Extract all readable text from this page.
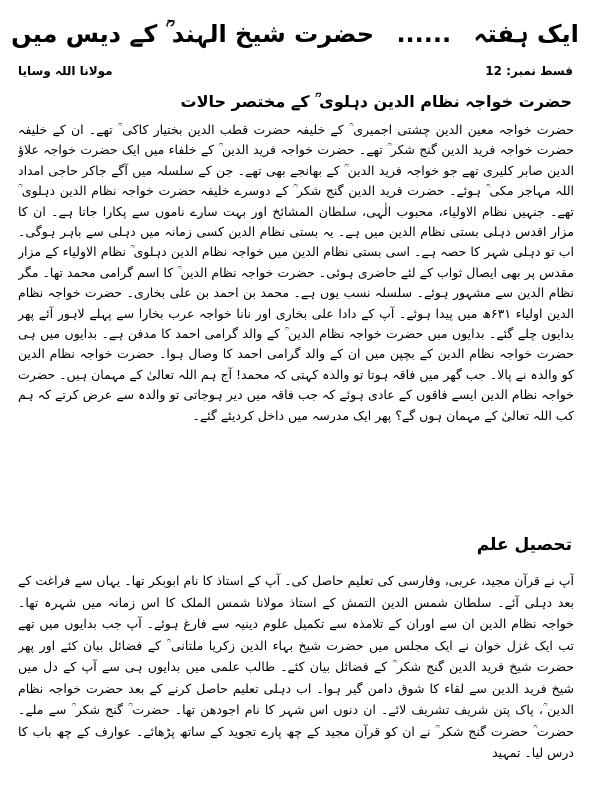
ایک ہفتہ ...... حضرت شیخ الہند ؒ کے دیس میں
قسط نمبر: 12
مولانا اللہ وسایا
حضرت خواجہ نظام الدین دہلوی ؒ کے مختصر حالات

حضرت خواجہ معین الدین چشتی اجمیری ؒ کے خلیفہ حضرت قطب الدین بختیار کاکی ؒ تھے۔ ان کے خلیفہ حضرت خواجہ فرید الدین گنج شکر ؒ تھے۔ حضرت خواجہ فرید الدین ؒ کے خلفاء میں ایک حضرت خواجہ علاؤ الدین صابر کلیری تھے جو خواجہ فرید الدین ؒ کے بھانجے بھی تھے۔ جن کے سلسلہ میں آگے جاکر حاجی امداد اللہ مہاجر مکی ؒ ہوئے۔ حضرت فرید الدین گنج شکر ؒ کے دوسرے خلیفہ حضرت خواجہ نظام الدین دہلوی ؒ تھے۔ جنہیں نظام الاولیاء، محبوب الٰہی، سلطان المشائخ اور بہت سارے ناموں سے پکارا جاتا ہے۔ ان کا مزار اقدس دہلی بستی نظام الدین میں ہے۔ یہ بستی نظام الدین کسی زمانہ میں دہلی سے باہر ہوگی۔ اب تو دہلی شہر کا حصہ ہے۔ اسی بستی نظام الدین میں خواجہ نظام الدین دہلوی ؒ نظام الاولیاء کے مزار مقدس پر بھی ایصال ثواب کے لئے حاضری ہوئی۔ حضرت خواجہ نظام الدین ؒ کا اسم گرامی محمد تھا۔ مگر نظام الدین سے مشہور ہوئے۔ سلسلہ نسب یوں ہے۔ محمد بن احمد بن علی بخاری۔ حضرت خواجہ نظام الدین اولیاء ۶۳۱ھ میں پیدا ہوئے۔ آپ کے دادا علی بخاری اور نانا خواجہ عرب بخارا سے پہلے لاہور آئے پھر بدایوں چلے گئے۔ بدایوں میں حضرت خواجہ نظام الدین ؒ کے والد گرامی احمد کا مدفن ہے۔ بدایوں میں ہی حضرت خواجہ نظام الدین کے بچپن میں ان کے والد گرامی احمد کا وصال ہوا۔ حضرت خواجہ نظام الدین کو والدہ نے پالا۔ جب گھر میں فاقہ ہوتا تو والدہ کہتی کہ محمد! آج ہم اللہ تعالیٰ کے مہمان ہیں۔ حضرت خواجہ نظام الدین ایسے فاقوں کے عادی ہوئے کہ جب فاقہ میں دیر ہوجاتی تو والدہ سے عرض کرتے کہ ہم کب اللہ تعالیٰ کے مہمان ہوں گے؟ پھر ایک مدرسہ میں داخل کردیئے گئے۔

تحصیل علم

آپ نے قرآن مجید، عربی، وفارسی کی تعلیم حاصل کی۔ آپ کے استاذ کا نام ابوبکر تھا۔ یہاں سے فراغت کے بعد دہلی آئے۔ سلطان شمس الدین التمش کے استاذ مولانا شمس الملک کا اس زمانہ میں شہرہ تھا۔ خواجہ نظام الدین ان سے اوران کے تلامذہ سے تکمیل علوم دینیہ سے فارغ ہوئے۔ آپ جب بدایوں میں تھے تب ایک غزل خوان نے ایک مجلس میں حضرت شیخ بہاء الدین زکریا ملتانی ؒ کے فضائل بیان کئے اور پھر حضرت شیخ فرید الدین گنج شکر ؒ کے فضائل بیان کئے۔ طالب علمی میں بدایوں ہی سے آپ کے دل میں شیخ فرید الدین سے لقاء کا شوق دامن گیر ہوا۔ اب دہلی تعلیم حاصل کرنے کے بعد حضرت خواجہ نظام الدین ؒ، پاک پتن شریف تشریف لائے۔ ان دنوں اس شہر کا نام اجودھن تھا۔ حضرت ؒ گنج شکر ؒ سے ملے۔ حضرت ؒ حضرت گنج شکر ؒ نے ان کو قرآن مجید کے چھ پارے تجوید کے ساتھ پڑھائے۔ عوارف کے چھ باب کا درس لیا۔ تمہید
